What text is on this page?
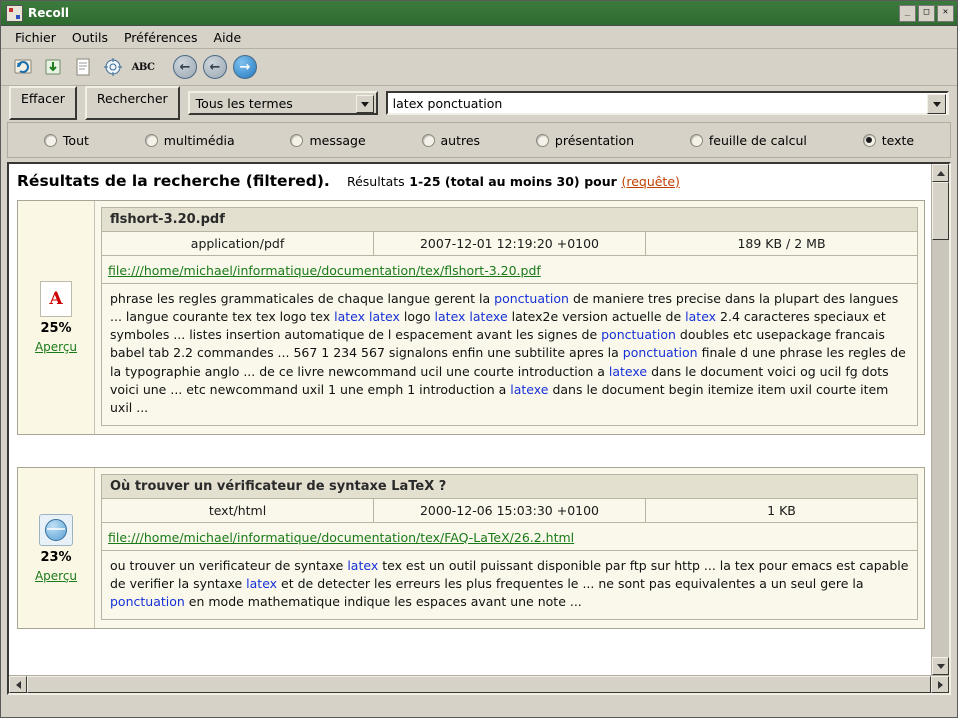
Recoll	_	□	✕
Fichier	Outils	Préférences	Aide
ABC	←	←	→
Effacer	Rechercher	Tous les termes	latex ponctuation
Tout	multimédia	message	autres	présentation	feuille de calcul	texte
Résultats de la recherche (filtered). Résultats 1-25 (total au moins 30) pour (requête)
A
25%
Aperçu
flshort-3.20.pdf
application/pdf	2007-12-01 12:19:20 +0100	189 KB / 2 MB
file:///home/michael/informatique/documentation/tex/flshort-3.20.pdf
phrase les regles grammaticales de chaque langue gerent la ponctuation de maniere tres precise dans la plupart des langues ... langue courante tex tex logo tex latex latex logo latex latexe latex2e version actuelle de latex 2.4 caracteres speciaux et symboles ... listes insertion automatique de l espacement avant les signes de ponctuation doubles etc usepackage francais babel tab 2.2 commandes ... 567 1 234 567 signalons enfin une subtilite apres la ponctuation finale d une phrase les regles de la typographie anglo ... de ce livre newcommand ucil une courte introduction a latexe dans le document voici og ucil fg dots voici une ... etc newcommand uxil 1 une emph 1 introduction a latexe dans le document begin itemize item uxil courte item uxil ...
23%
Aperçu
Où trouver un vérificateur de syntaxe LaTeX ?
text/html	2000-12-06 15:03:30 +0100	1 KB
file:///home/michael/informatique/documentation/tex/FAQ-LaTeX/26.2.html
ou trouver un verificateur de syntaxe latex tex est un outil puissant disponible par ftp sur http ... la tex pour emacs est capable de verifier la syntaxe latex et de detecter les erreurs les plus frequentes le ... ne sont pas equivalentes a un seul gere la ponctuation en mode mathematique indique les espaces avant une note ...
